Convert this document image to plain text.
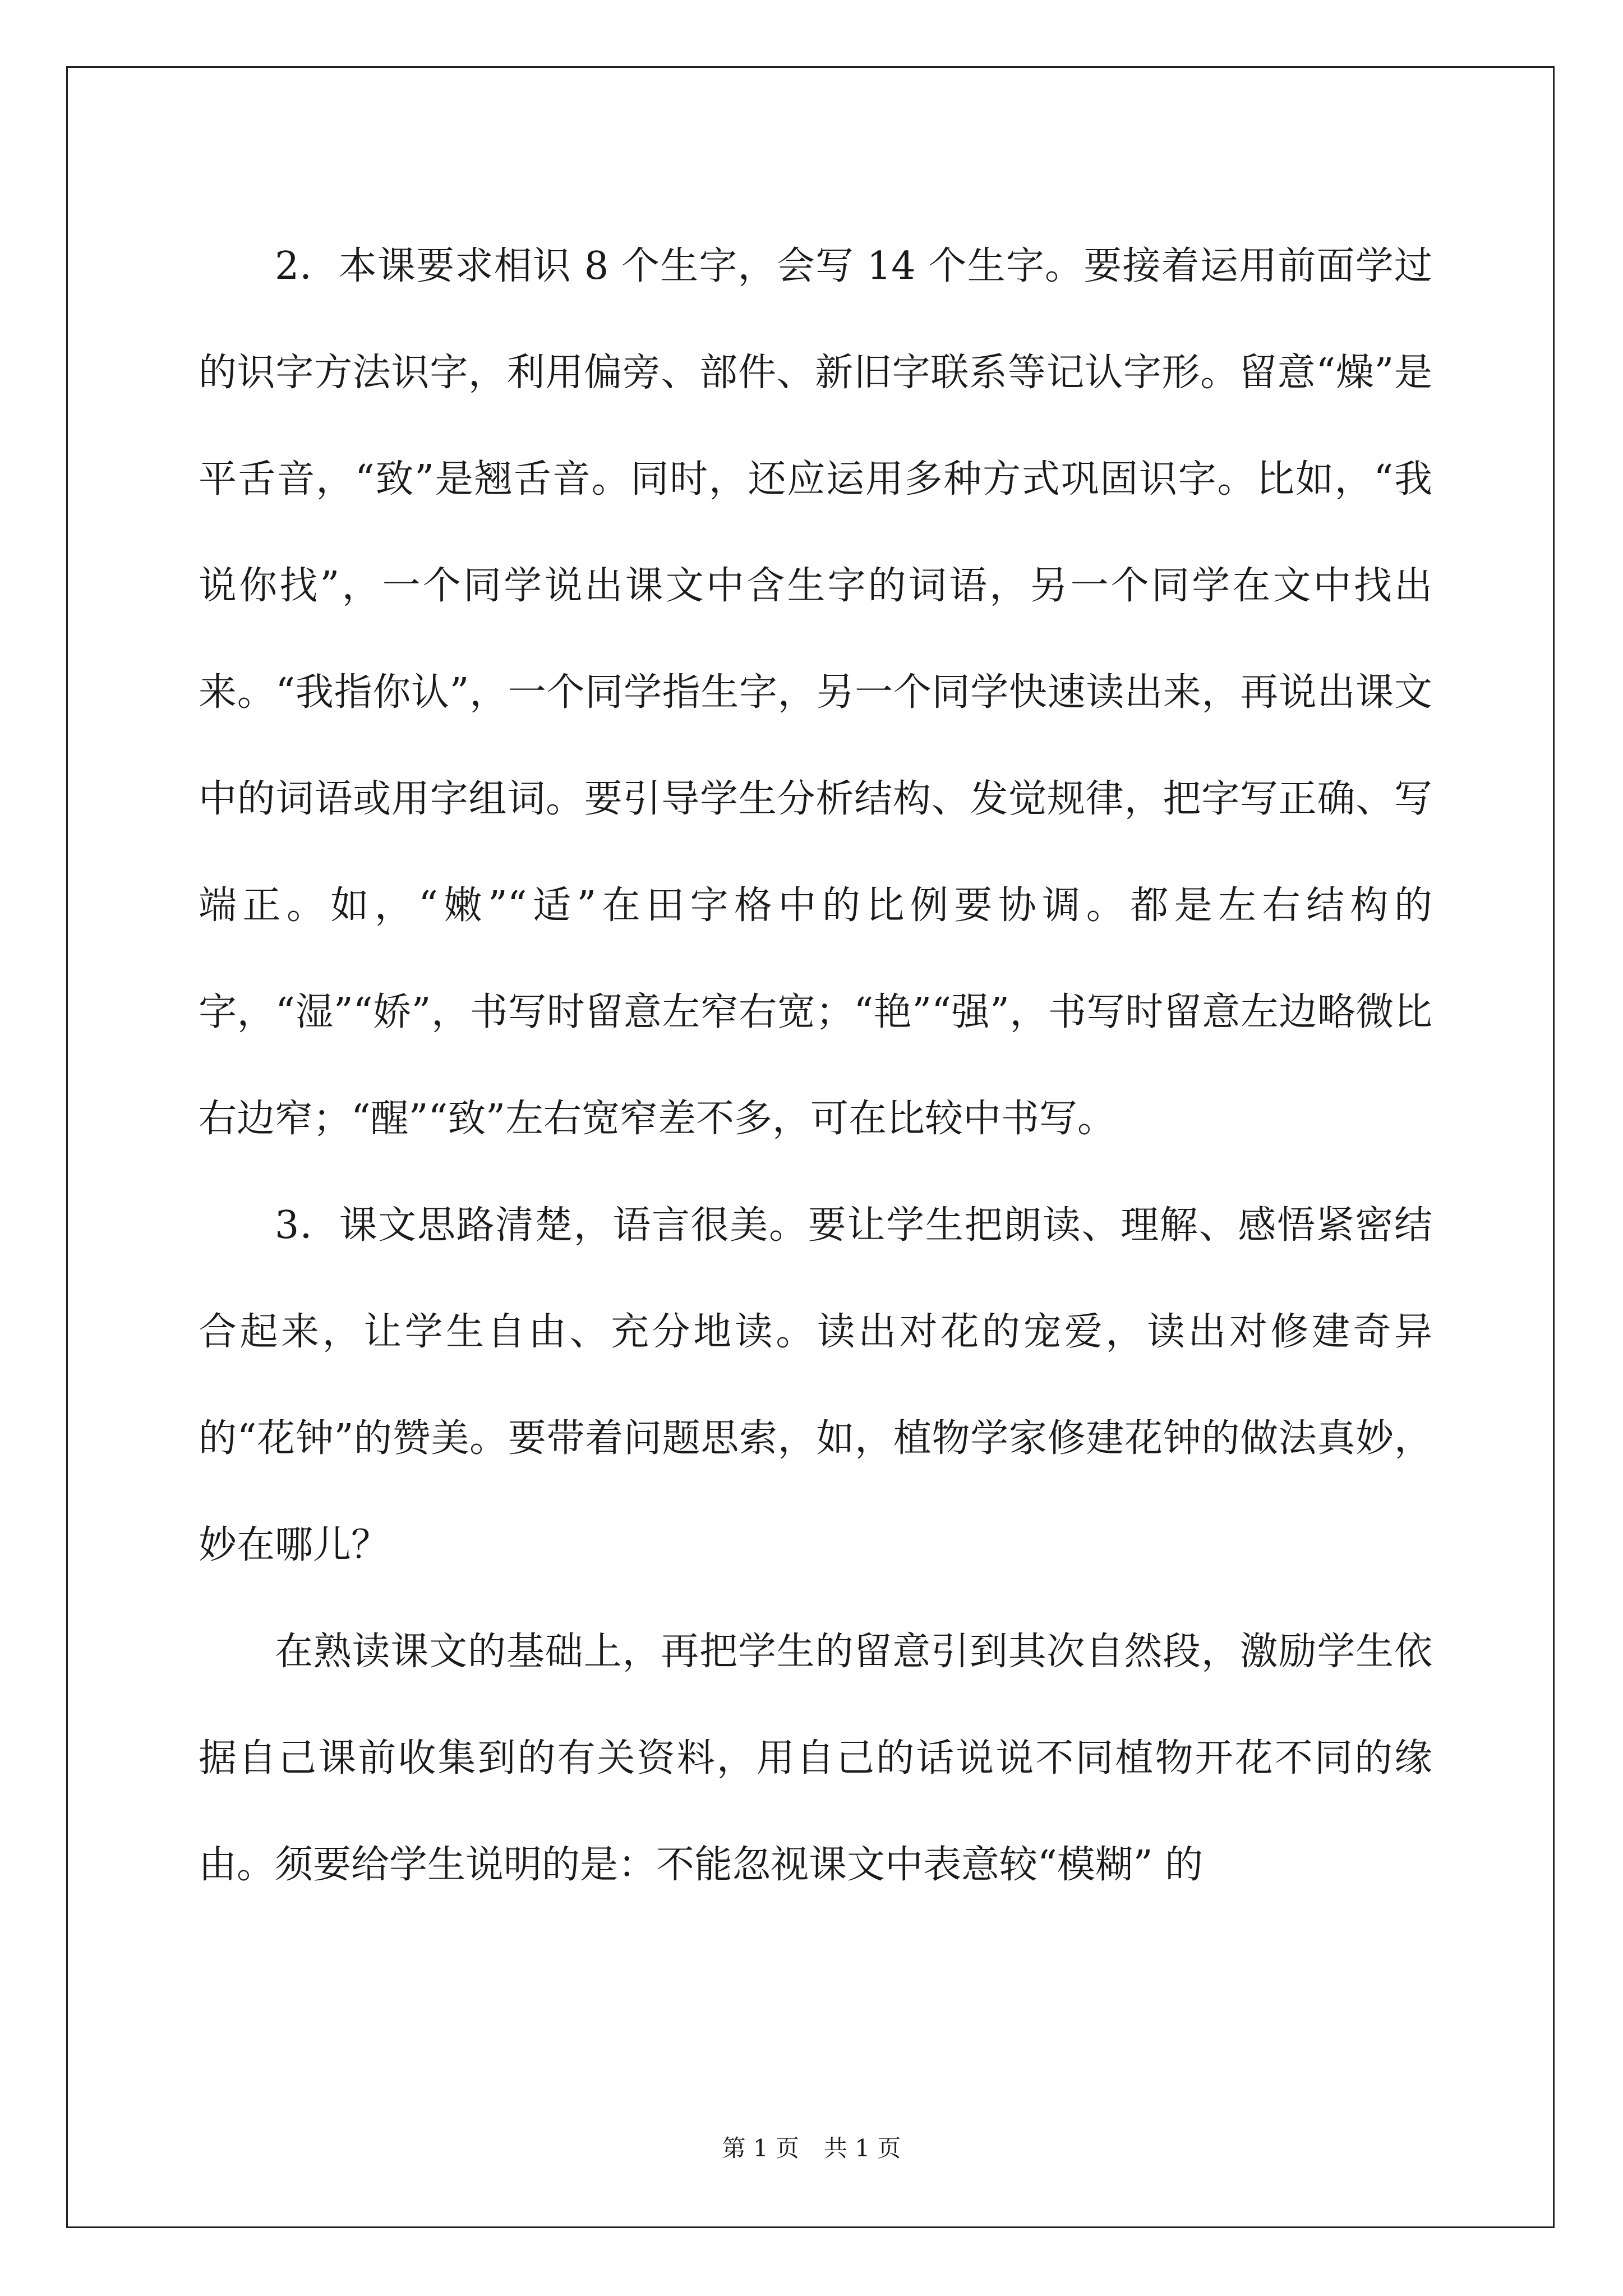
2．本课要求相识 8 个生字，会写 14 个生字。要接着运用前面学过的识字方法识字，利用偏旁、部件、新旧字联系等记认字形。留意“燥”是平舌音，“致”是翘舌音。同时，还应运用多种方式巩固识字。比如，“我说你找”，一个同学说出课文中含生字的词语，另一个同学在文中找出来。“我指你认”，一个同学指生字，另一个同学快速读出来，再说出课文中的词语或用字组词。要引导学生分析结构、发觉规律，把字写正确、写端正。如，“嫩”“适”在田字格中的比例要协调。都是左右结构的字，“湿”“娇”，书写时留意左窄右宽；“艳”“强”，书写时留意左边略微比右边窄；“醒”“致”左右宽窄差不多，可在比较中书写。

3．课文思路清楚，语言很美。要让学生把朗读、理解、感悟紧密结合起来，让学生自由、充分地读。读出对花的宠爱，读出对修建奇异的“花钟”的赞美。要带着问题思索，如，植物学家修建花钟的做法真妙，妙在哪儿？

在熟读课文的基础上，再把学生的留意引到其次自然段，激励学生依据自己课前收集到的有关资料，用自己的话说说不同植物开花不同的缘由。须要给学生说明的是：不能忽视课文中表意较“模糊” 的

第 1 页 共 1 页
